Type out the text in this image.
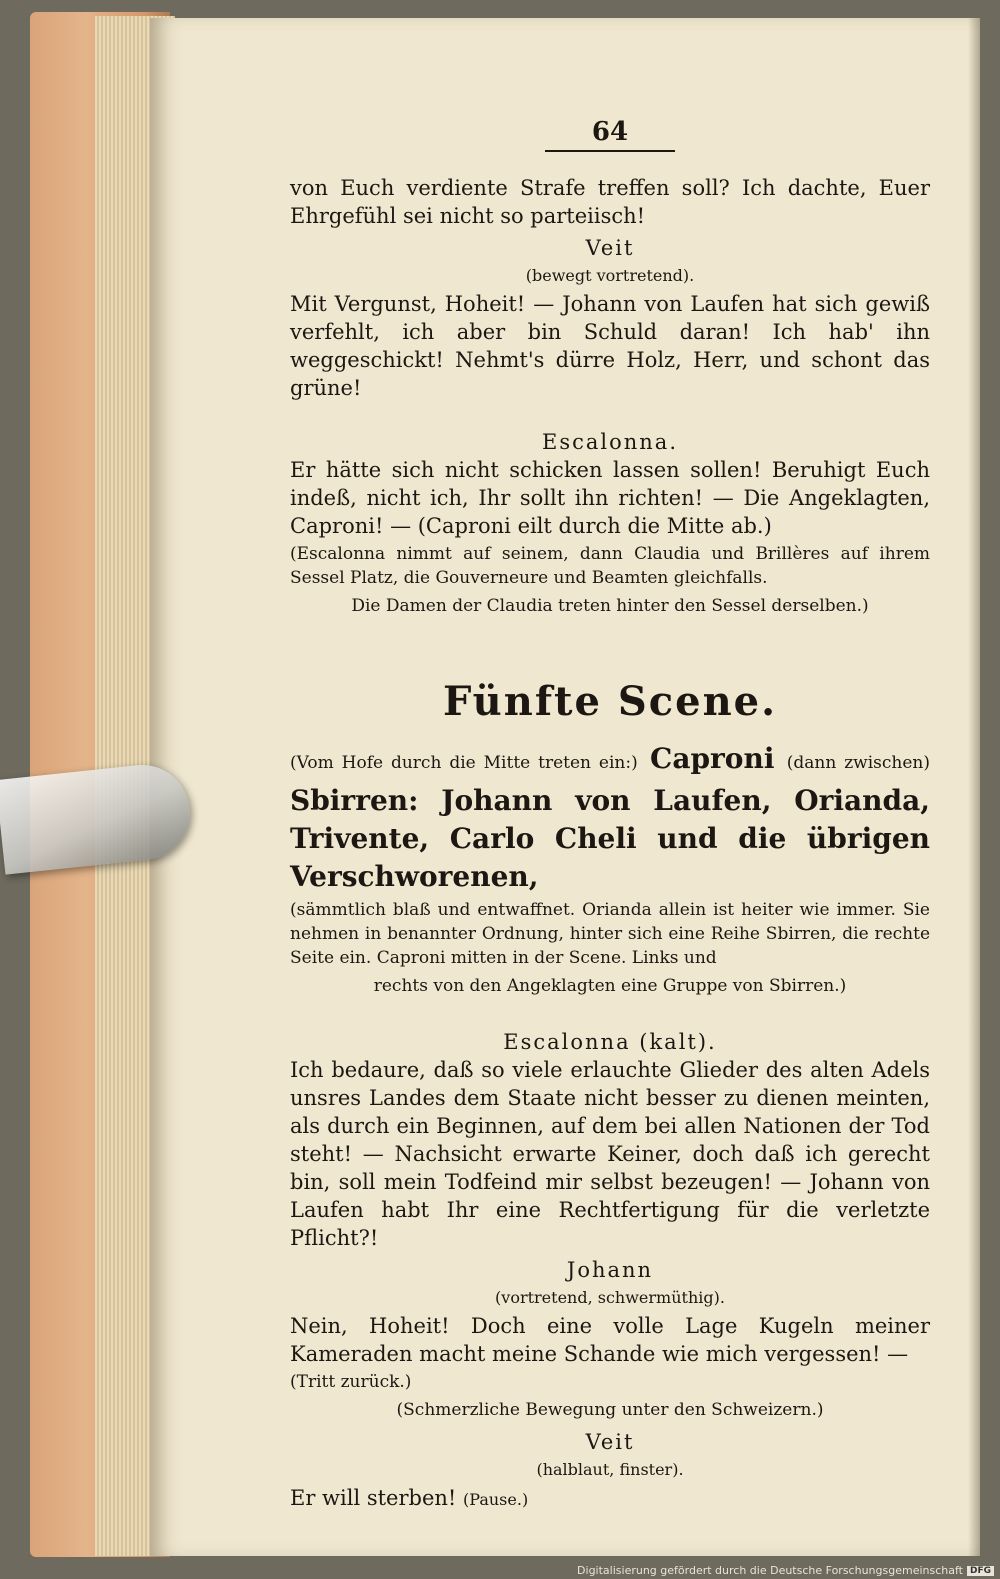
64

von Euch verdiente Strafe treffen soll? Ich dachte, Euer Ehrgefühl sei nicht so parteiisch!

Veit

(bewegt vortretend).

Mit Vergunst, Hoheit! — Johann von Laufen hat sich gewiß verfehlt, ich aber bin Schuld daran! Ich hab' ihn weggeschickt! Nehmt's dürre Holz, Herr, und schont das grüne!

Escalonna.

Er hätte sich nicht schicken lassen sollen! Beruhigt Euch indeß, nicht ich, Ihr sollt ihn richten! — Die Angeklagten, Caproni! — (Caproni eilt durch die Mitte ab.)

(Escalonna nimmt auf seinem, dann Claudia und Brillères auf ihrem Sessel Platz, die Gouverneure und Beamten gleichfalls.

Die Damen der Claudia treten hinter den Sessel derselben.)

Fünfte Scene.

(Vom Hofe durch die Mitte treten ein:) Caproni (dann zwischen) Sbirren: Johann von Laufen, Orianda, Trivente, Carlo Cheli und die übrigen Verschworenen,

(sämmtlich blaß und entwaffnet. Orianda allein ist heiter wie immer. Sie nehmen in benannter Ordnung, hinter sich eine Reihe Sbirren, die rechte Seite ein. Caproni mitten in der Scene. Links und

rechts von den Angeklagten eine Gruppe von Sbirren.)

Escalonna (kalt).

Ich bedaure, daß so viele erlauchte Glieder des alten Adels unsres Landes dem Staate nicht besser zu dienen meinten, als durch ein Beginnen, auf dem bei allen Nationen der Tod steht! — Nachsicht erwarte Keiner, doch daß ich gerecht bin, soll mein Todfeind mir selbst bezeugen! — Johann von Laufen habt Ihr eine Rechtfertigung für die verletzte Pflicht?!

Johann

(vortretend, schwermüthig).

Nein, Hoheit! Doch eine volle Lage Kugeln meiner Kameraden macht meine Schande wie mich vergessen! —

(Tritt zurück.)

(Schmerzliche Bewegung unter den Schweizern.)

Veit

(halblaut, finster).

Er will sterben! (Pause.)

Digitalisierung gefördert durch die Deutsche Forschungsgemeinschaft DFG
